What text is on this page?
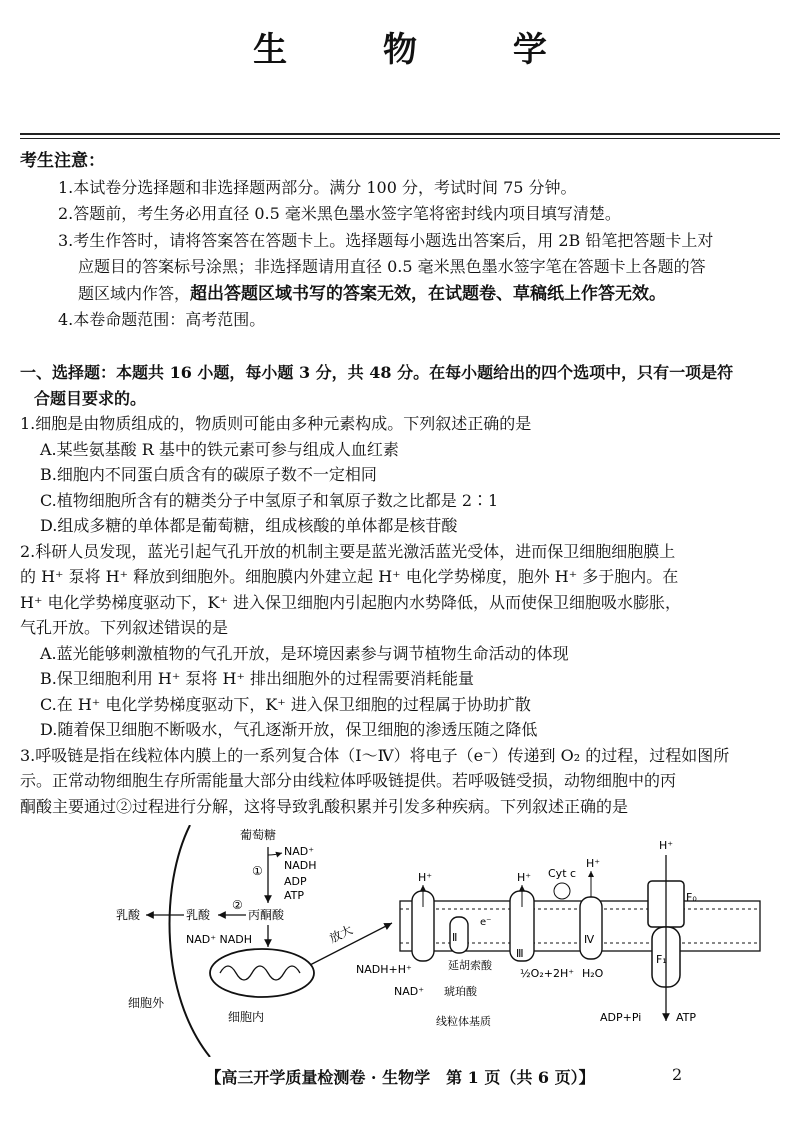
生 物 学

考生注意：

1.本试卷分选择题和非选择题两部分。满分 100 分，考试时间 75 分钟。

2.答题前，考生务必用直径 0.5 毫米黑色墨水签字笔将密封线内项目填写清楚。

3.考生作答时，请将答案答在答题卡上。选择题每小题选出答案后，用 2B 铅笔把答题卡上对

应题目的答案标号涂黑；非选择题请用直径 0.5 毫米黑色墨水签字笔在答题卡上各题的答

题区域内作答，超出答题区域书写的答案无效，在试题卷、草稿纸上作答无效。

4.本卷命题范围：高考范围。

一、选择题：本题共 16 小题，每小题 3 分，共 48 分。在每小题给出的四个选项中，只有一项是符

合题目要求的。

1.细胞是由物质组成的，物质则可能由多种元素构成。下列叙述正确的是

A.某些氨基酸 R 基中的铁元素可参与组成人血红素

B.细胞内不同蛋白质含有的碳原子数不一定相同

C.植物细胞所含有的糖类分子中氢原子和氧原子数之比都是 2∶1

D.组成多糖的单体都是葡萄糖，组成核酸的单体都是核苷酸

2.科研人员发现，蓝光引起气孔开放的机制主要是蓝光激活蓝光受体，进而保卫细胞细胞膜上

的 H⁺ 泵将 H⁺ 释放到细胞外。细胞膜内外建立起 H⁺ 电化学势梯度，胞外 H⁺ 多于胞内。在

H⁺ 电化学势梯度驱动下，K⁺ 进入保卫细胞内引起胞内水势降低，从而使保卫细胞吸水膨胀，

气孔开放。下列叙述错误的是

A.蓝光能够刺激植物的气孔开放，是环境因素参与调节植物生命活动的体现

B.保卫细胞利用 H⁺ 泵将 H⁺ 排出细胞外的过程需要消耗能量

C.在 H⁺ 电化学势梯度驱动下，K⁺ 进入保卫细胞的过程属于协助扩散

D.随着保卫细胞不断吸水，气孔逐渐开放，保卫细胞的渗透压随之降低

3.呼吸链是指在线粒体内膜上的一系列复合体（Ⅰ～Ⅳ）将电子（e⁻）传递到 O₂ 的过程，过程如图所

示。正常动物细胞生存所需能量大部分由线粒体呼吸链提供。若呼吸链受损，动物细胞中的丙

酮酸主要通过②过程进行分解，这将导致乳酸积累并引发多种疾病。下列叙述正确的是

葡萄糖
①
NAD⁺
NADH
ADP
ATP
②
丙酮酸
乳酸
乳酸
NAD⁺ NADH
细胞外
细胞内
放大	Ⅱ
Ⅲ
Ⅳ
F₀
F₁
H⁺	H⁺
H⁺
Cyt c
H⁺
e⁻
NADH+H⁺
NAD⁺
延胡索酸
琥珀酸
½O₂+2H⁺ H₂O
ADP+Pi	ATP
线粒体基质
【高三开学质量检测卷 · 生物学　第 1 页（共 6 页）】	2
